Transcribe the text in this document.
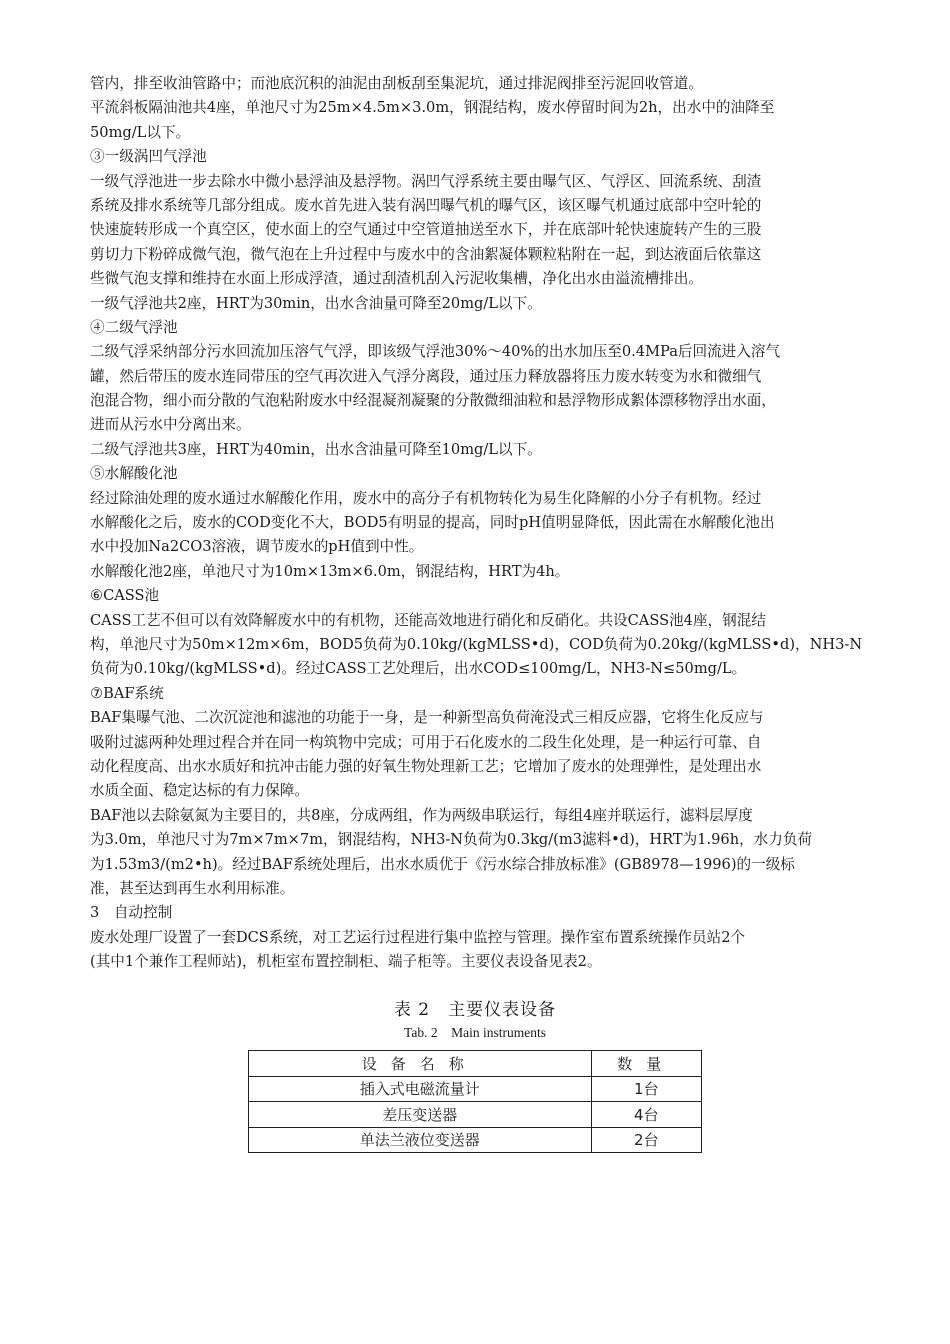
管内，排至收油管路中；而池底沉积的油泥由刮板刮至集泥坑，通过排泥阀排至污泥回收管道。
平流斜板隔油池共4座，单池尺寸为25m×4.5m×3.0m，钢混结构，废水停留时间为2h，出水中的油降至
50mg/L以下。
③一级涡凹气浮池
一级气浮池进一步去除水中微小悬浮油及悬浮物。涡凹气浮系统主要由曝气区、气浮区、回流系统、刮渣
系统及排水系统等几部分组成。废水首先进入装有涡凹曝气机的曝气区，该区曝气机通过底部中空叶轮的
快速旋转形成一个真空区，使水面上的空气通过中空管道抽送至水下，并在底部叶轮快速旋转产生的三股
剪切力下粉碎成微气泡，微气泡在上升过程中与废水中的含油絮凝体颗粒粘附在一起，到达液面后依靠这
些微气泡支撑和维持在水面上形成浮渣，通过刮渣机刮入污泥收集槽，净化出水由溢流槽排出。
一级气浮池共2座，HRT为30min，出水含油量可降至20mg/L以下。
④二级气浮池
二级气浮采纳部分污水回流加压溶气气浮，即该级气浮池30%～40%的出水加压至0.4MPa后回流进入溶气
罐，然后带压的废水连同带压的空气再次进入气浮分离段，通过压力释放器将压力废水转变为水和微细气
泡混合物，细小而分散的气泡粘附废水中经混凝剂凝聚的分散微细油粒和悬浮物形成絮体漂移物浮出水面，
进而从污水中分离出来。
二级气浮池共3座，HRT为40min，出水含油量可降至10mg/L以下。
⑤水解酸化池
经过除油处理的废水通过水解酸化作用，废水中的高分子有机物转化为易生化降解的小分子有机物。经过
水解酸化之后，废水的COD变化不大，BOD5有明显的提高，同时pH值明显降低，因此需在水解酸化池出
水中投加Na2CO3溶液，调节废水的pH值到中性。
水解酸化池2座，单池尺寸为10m×13m×6.0m，钢混结构，HRT为4h。
⑥CASS池
CASS工艺不但可以有效降解废水中的有机物，还能高效地进行硝化和反硝化。共设CASS池4座，钢混结
构，单池尺寸为50m×12m×6m，BOD5负荷为0.10kg/(kgMLSS•d)，COD负荷为0.20kg/(kgMLSS•d)，NH3-N
负荷为0.10kg/(kgMLSS•d)。经过CASS工艺处理后，出水COD≤100mg/L，NH3-N≤50mg/L。
⑦BAF系统
BAF集曝气池、二次沉淀池和滤池的功能于一身，是一种新型高负荷淹没式三相反应器，它将生化反应与
吸附过滤两种处理过程合并在同一构筑物中完成；可用于石化废水的二段生化处理，是一种运行可靠、自
动化程度高、出水水质好和抗冲击能力强的好氧生物处理新工艺；它增加了废水的处理弹性，是处理出水
水质全面、稳定达标的有力保障。
BAF池以去除氨氮为主要目的，共8座，分成两组，作为两级串联运行，每组4座并联运行，滤料层厚度
为3.0m，单池尺寸为7m×7m×7m，钢混结构，NH3-N负荷为0.3kg/(m3滤料•d)，HRT为1.96h，水力负荷
为1.53m3/(m2•h)。经过BAF系统处理后，出水水质优于《污水综合排放标准》(GB8978—1996)的一级标
准，甚至达到再生水利用标准。
3　自动控制
废水处理厂设置了一套DCS系统，对工艺运行过程进行集中监控与管理。操作室布置系统操作员站2个
(其中1个兼作工程师站)，机柜室布置控制柜、端子柜等。主要仪表设备见表2。
表 2　主要仪表设备
Tab. 2　Main instruments
设备名称	数量
插入式电磁流量计	1台
差压变送器	4台
单法兰液位变送器	2台
